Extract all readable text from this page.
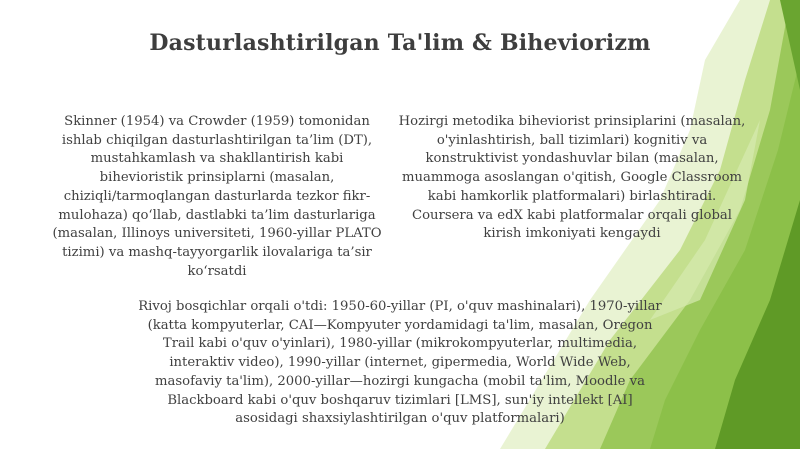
Dasturlashtirilgan Ta'lim & Biheviorizm

Skinner (1954) va Crowder (1959) tomonidan ishlab chiqilgan dasturlashtirilgan ta’lim (DT), mustahkamlash va shakllantirish kabi bihevioristik prinsiplarni (masalan, chiziqli/tarmoqlangan dasturlarda tezkor fikr-mulohaza) qo‘llab, dastlabki ta’lim dasturlariga (masalan, Illinoys universiteti, 1960-yillar PLATO tizimi) va mashq-tayyorgarlik ilovalariga ta’sir ko‘rsatdi

Hozirgi metodika biheviorist prinsiplarini (masalan, o'yinlashtirish, ball tizimlari) kognitiv va konstruktivist yondashuvlar bilan (masalan, muammoga asoslangan o'qitish, Google Classroom kabi hamkorlik platformalari) birlashtiradi. Coursera va edX kabi platformalar orqali global kirish imkoniyati kengaydi

Rivoj bosqichlar orqali o'tdi: 1950-60-yillar (PI, o'quv mashinalari), 1970-yillar (katta kompyuterlar, CAI—Kompyuter yordamidagi ta'lim, masalan, Oregon Trail kabi o'quv o'yinlari), 1980-yillar (mikrokompyuterlar, multimedia, interaktiv video), 1990-yillar (internet, gipermedia, World Wide Web, masofaviy ta'lim), 2000-yillar—hozirgi kungacha (mobil ta'lim, Moodle va Blackboard kabi o'quv boshqaruv tizimlari [LMS], sun'iy intellekt [AI] asosidagi shaxsiylashtirilgan o'quv platformalari)
